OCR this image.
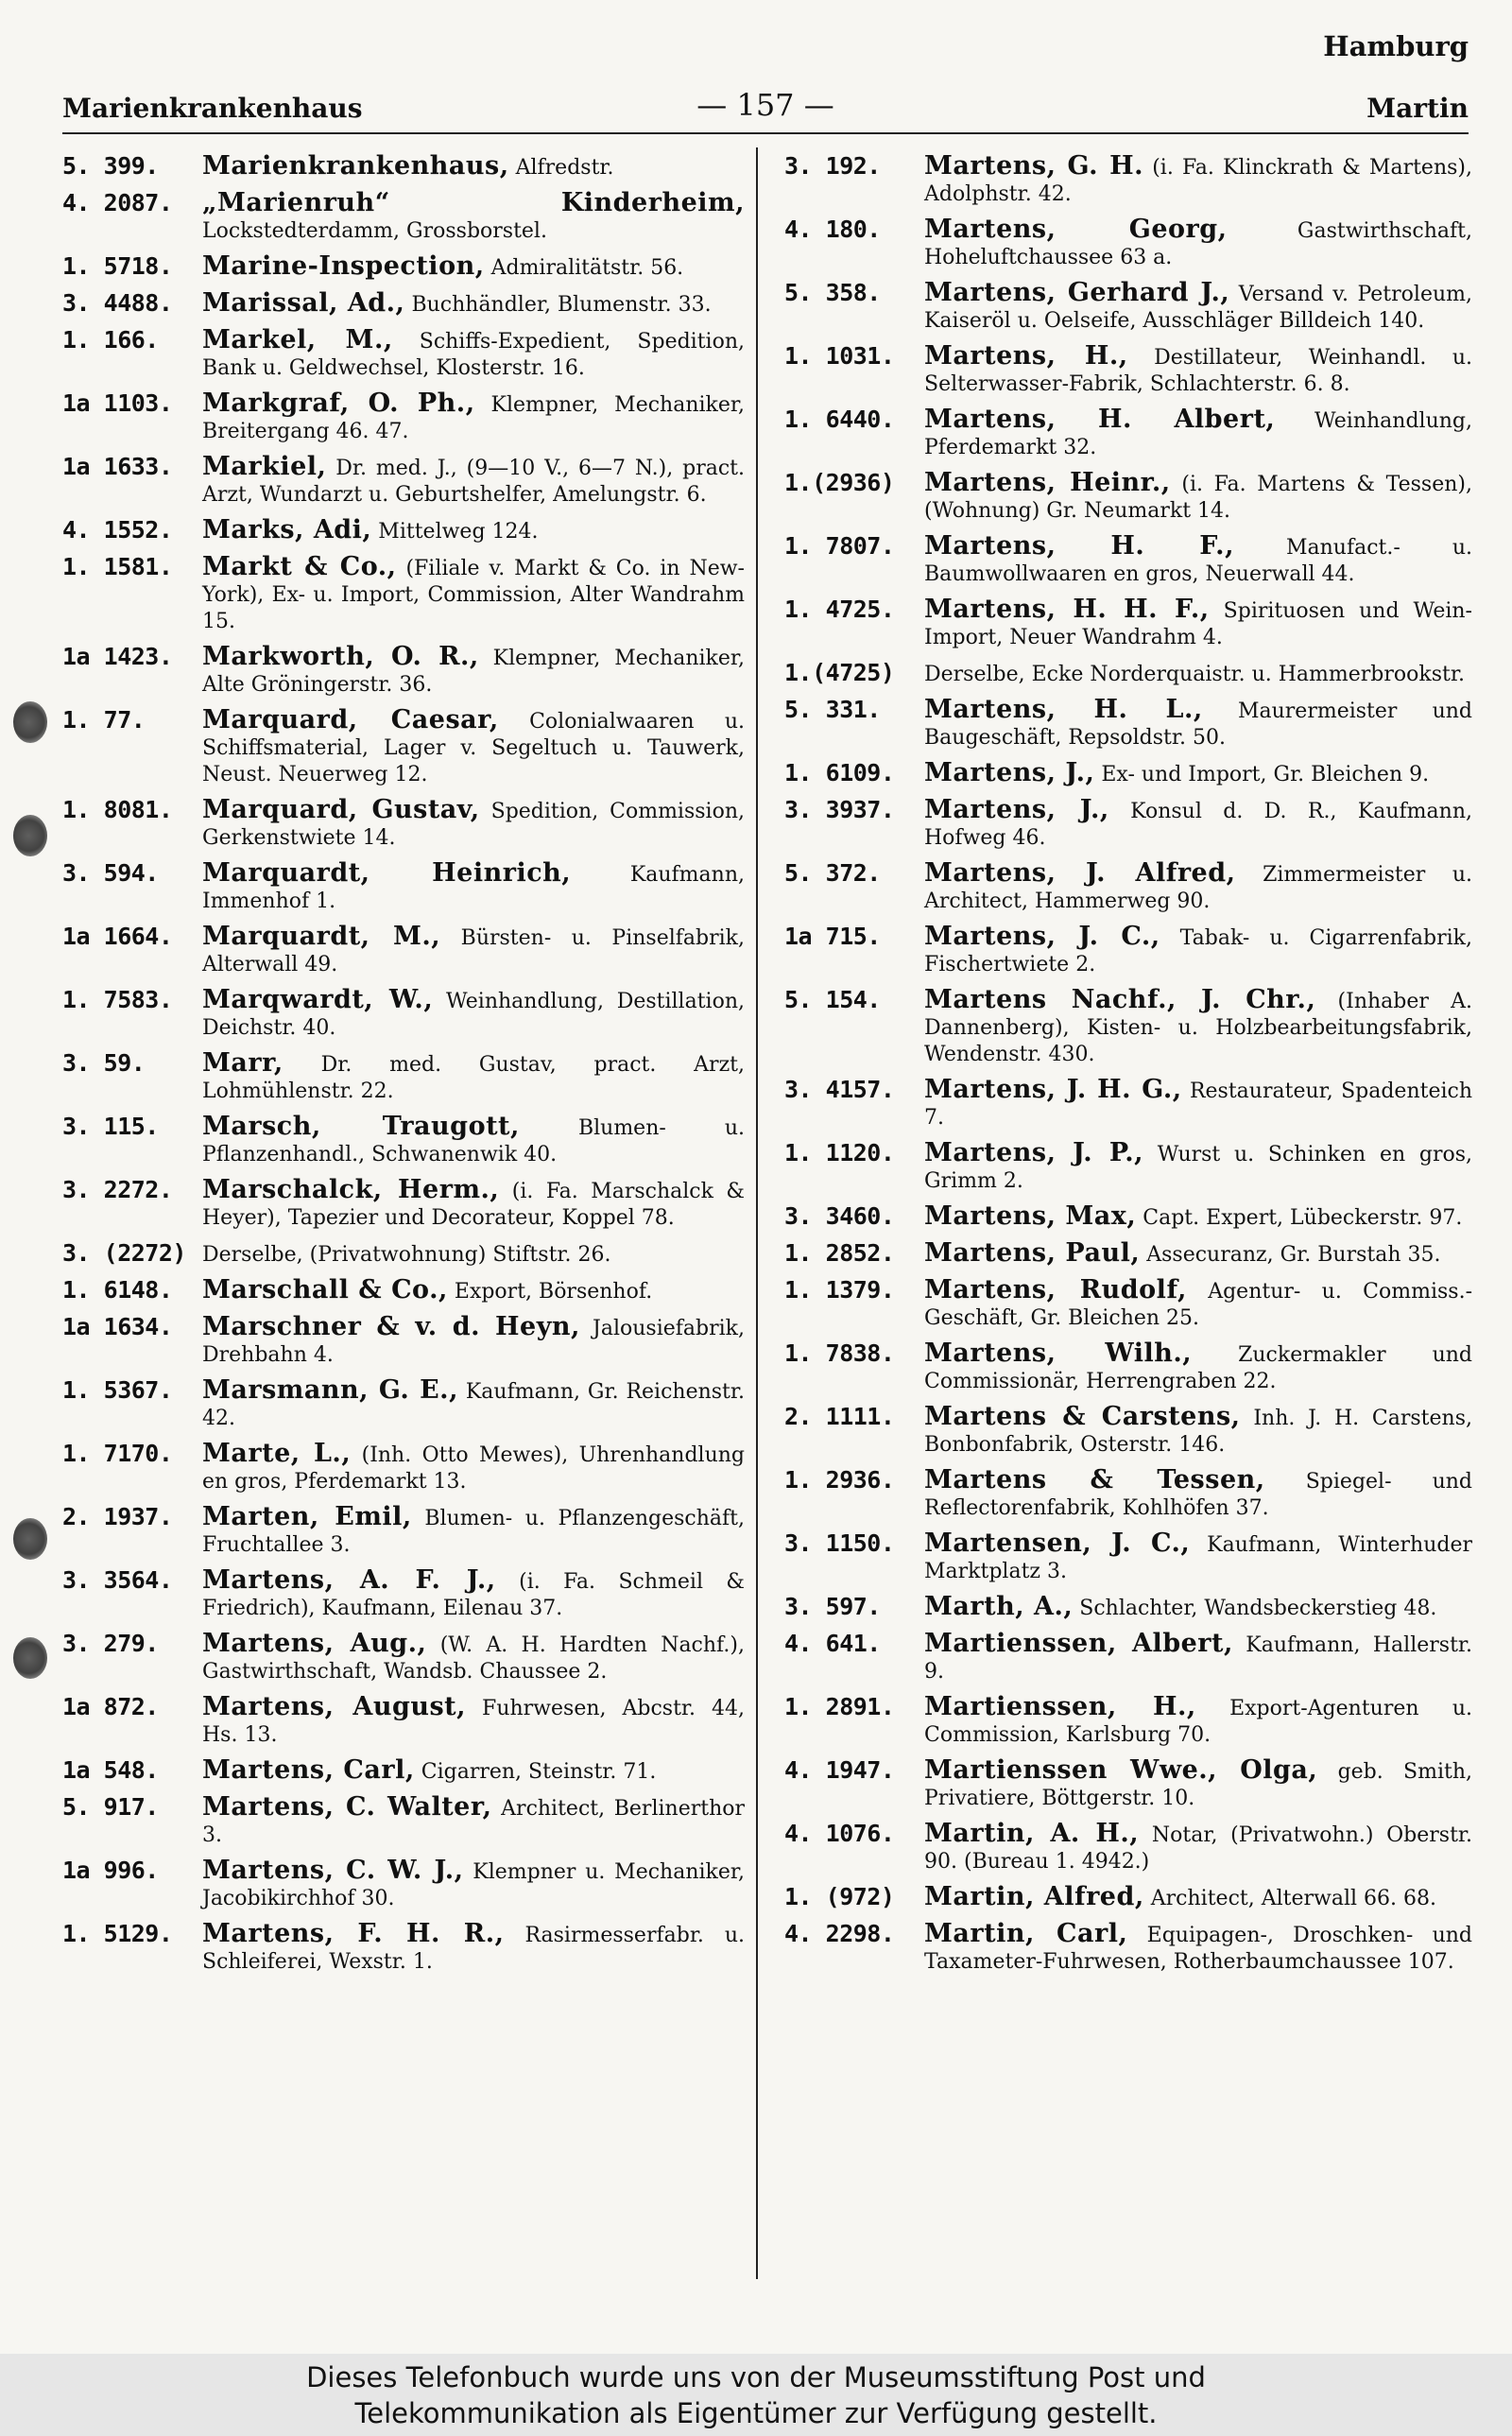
Hamburg
Marienkrankenhaus	— 157 —	Martin
5. 399.	Marienkrankenhaus, Alfredstr.
4. 2087.	„Marienruh“ Kinderheim, Lockstedterdamm, Grossborstel.
1. 5718.	Marine-Inspection, Admiralitätstr. 56.
3. 4488.	Marissal, Ad., Buchhändler, Blumenstr. 33.
1. 166.	Markel, M., Schiffs-Expedient, Spedition, Bank u. Geldwechsel, Klosterstr. 16.
1a 1103.	Markgraf, O. Ph., Klempner, Mechaniker, Breitergang 46. 47.
1a 1633.	Markiel, Dr. med. J., (9—10 V., 6—7 N.), pract. Arzt, Wundarzt u. Geburtshelfer, Amelungstr. 6.
4. 1552.	Marks, Adi, Mittelweg 124.
1. 1581.	Markt & Co., (Filiale v. Markt & Co. in New-York), Ex- u. Import, Commission, Alter Wandrahm 15.
1a 1423.	Markworth, O. R., Klempner, Mechaniker, Alte Gröningerstr. 36.
1. 77.	Marquard, Caesar, Colonialwaaren u. Schiffsmaterial, Lager v. Segeltuch u. Tauwerk, Neust. Neuerweg 12.
1. 8081.	Marquard, Gustav, Spedition, Commission, Gerkenstwiete 14.
3. 594.	Marquardt, Heinrich, Kaufmann, Immenhof 1.
1a 1664.	Marquardt, M., Bürsten- u. Pinselfabrik, Alterwall 49.
1. 7583.	Marqwardt, W., Weinhandlung, Destillation, Deichstr. 40.
3. 59.	Marr, Dr. med. Gustav, pract. Arzt, Lohmühlenstr. 22.
3. 115.	Marsch, Traugott, Blumen- u. Pflanzenhandl., Schwanenwik 40.
3. 2272.	Marschalck, Herm., (i. Fa. Marschalck & Heyer), Tapezier und Decorateur, Koppel 78.
3. (2272) Derselbe, (Privatwohnung) Stiftstr. 26.
1. 6148.	Marschall & Co., Export, Börsenhof.
1a 1634.	Marschner & v. d. Heyn, Jalousiefabrik, Drehbahn 4.
1. 5367.	Marsmann, G. E., Kaufmann, Gr. Reichenstr. 42.
1. 7170.	Marte, L., (Inh. Otto Mewes), Uhrenhandlung en gros, Pferdemarkt 13.
2. 1937.	Marten, Emil, Blumen- u. Pflanzengeschäft, Fruchtallee 3.
3. 3564.	Martens, A. F. J., (i. Fa. Schmeil & Friedrich), Kaufmann, Eilenau 37.
3. 279.	Martens, Aug., (W. A. H. Hardten Nachf.), Gastwirthschaft, Wandsb. Chaussee 2.
1a 872.	Martens, August, Fuhrwesen, Abcstr. 44, Hs. 13.
1a 548.	Martens, Carl, Cigarren, Steinstr. 71.
5. 917.	Martens, C. Walter, Architect, Berlinerthor 3.
1a 996.	Martens, C. W. J., Klempner u. Mechaniker, Jacobikirchhof 30.
1. 5129.	Martens, F. H. R., Rasirmesserfabr. u. Schleiferei, Wexstr. 1.
3. 192.	Martens, G. H. (i. Fa. Klinckrath & Martens), Adolphstr. 42.
4. 180.	Martens, Georg, Gastwirthschaft, Hoheluftchaussee 63 a.
5. 358.	Martens, Gerhard J., Versand v. Petroleum, Kaiseröl u. Oelseife, Ausschläger Billdeich 140.
1. 1031.	Martens, H., Destillateur, Weinhandl. u. Selterwasser-Fabrik, Schlachterstr. 6. 8.
1. 6440.	Martens, H. Albert, Weinhandlung, Pferdemarkt 32.
1.(2936)	Martens, Heinr., (i. Fa. Martens & Tessen), (Wohnung) Gr. Neumarkt 14.
1. 7807.	Martens, H. F., Manufact.- u. Baumwollwaaren en gros, Neuerwall 44.
1. 4725.	Martens, H. H. F., Spirituosen und Wein-Import, Neuer Wandrahm 4.
1.(4725)	Derselbe, Ecke Norderquaistr. u. Hammerbrookstr.
5. 331.	Martens, H. L., Maurermeister und Baugeschäft, Repsoldstr. 50.
1. 6109.	Martens, J., Ex- und Import, Gr. Bleichen 9.
3. 3937.	Martens, J., Konsul d. D. R., Kaufmann, Hofweg 46.
5. 372.	Martens, J. Alfred, Zimmermeister u. Architect, Hammerweg 90.
1a 715.	Martens, J. C., Tabak- u. Cigarrenfabrik, Fischertwiete 2.
5. 154.	Martens Nachf., J. Chr., (Inhaber A. Dannenberg), Kisten- u. Holzbearbeitungsfabrik, Wendenstr. 430.
3. 4157.	Martens, J. H. G., Restaurateur, Spadenteich 7.
1. 1120.	Martens, J. P., Wurst u. Schinken en gros, Grimm 2.
3. 3460.	Martens, Max, Capt. Expert, Lübeckerstr. 97.
1. 2852.	Martens, Paul, Assecuranz, Gr. Burstah 35.
1. 1379.	Martens, Rudolf, Agentur- u. Commiss.-Geschäft, Gr. Bleichen 25.
1. 7838.	Martens, Wilh., Zuckermakler und Commissionär, Herrengraben 22.
2. 1111.	Martens & Carstens, Inh. J. H. Carstens, Bonbonfabrik, Osterstr. 146.
1. 2936.	Martens & Tessen, Spiegel- und Reflectorenfabrik, Kohlhöfen 37.
3. 1150.	Martensen, J. C., Kaufmann, Winterhuder Marktplatz 3.
3. 597.	Marth, A., Schlachter, Wandsbeckerstieg 48.
4. 641.	Martienssen, Albert, Kaufmann, Hallerstr. 9.
1. 2891.	Martienssen, H., Export-Agenturen u. Commission, Karlsburg 70.
4. 1947.	Martienssen Wwe., Olga, geb. Smith, Privatiere, Böttgerstr. 10.
4. 1076.	Martin, A. H., Notar, (Privatwohn.) Oberstr. 90. (Bureau 1. 4942.)
1. (972)	Martin, Alfred, Architect, Alterwall 66. 68.
4. 2298.	Martin, Carl, Equipagen-, Droschken- und Taxameter-Fuhrwesen, Rotherbaumchaussee 107.
Dieses Telefonbuch wurde uns von der Museumsstiftung Post und
Telekommunikation als Eigentümer zur Verfügung gestellt.
